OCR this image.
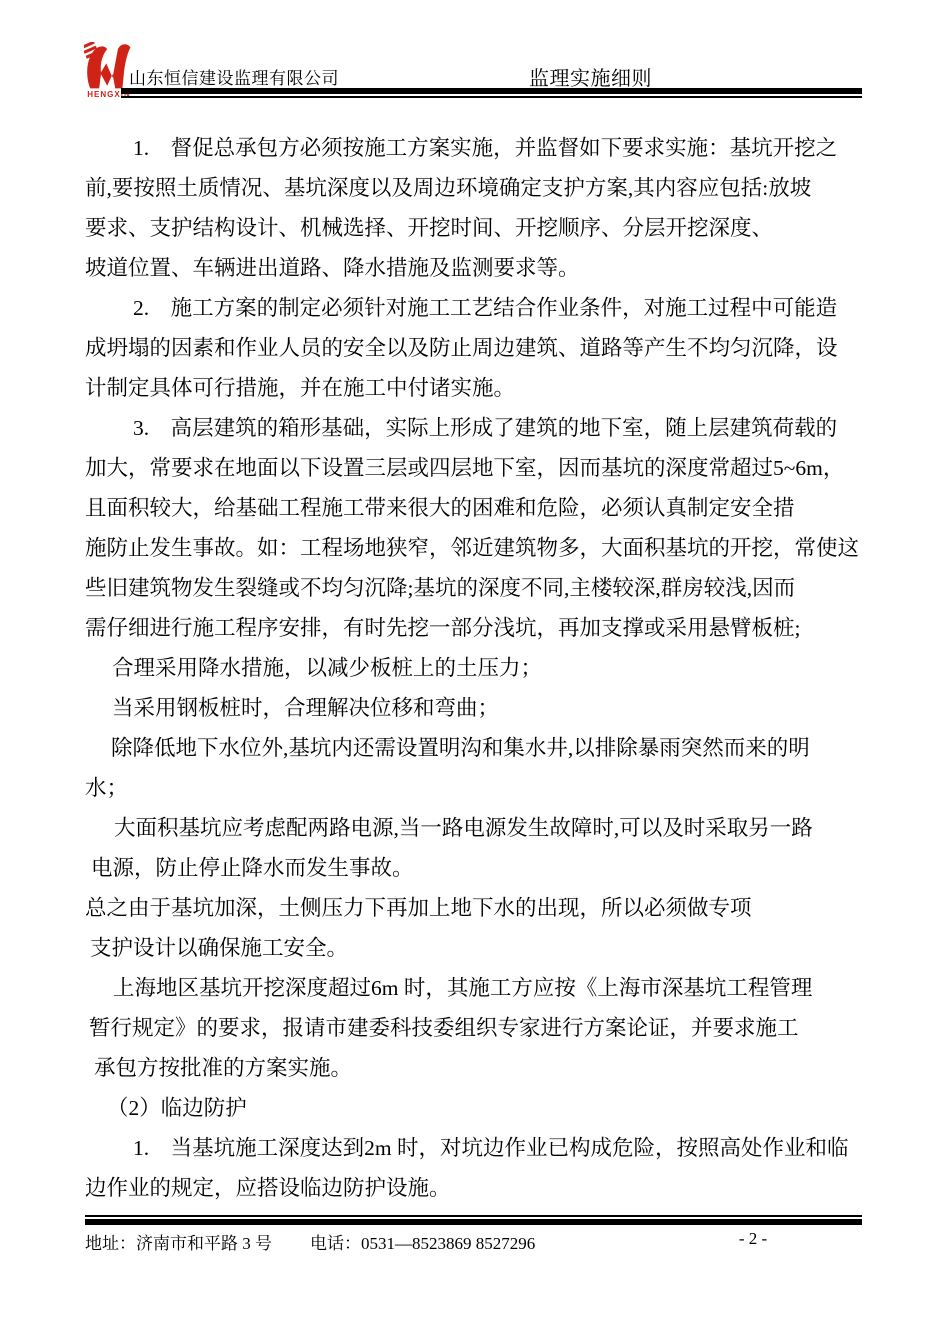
HENGXIN
山东恒信建设监理有限公司	监理实施细则
1.　督促总承包方必须按施工方案实施，并监督如下要求实施：基坑开挖之
前,要按照土质情况、基坑深度以及周边环境确定支护方案,其内容应包括:放坡
要求、支护结构设计、机械选择、开挖时间、开挖顺序、分层开挖深度、
坡道位置、车辆进出道路、降水措施及监测要求等。
2.　施工方案的制定必须针对施工工艺结合作业条件，对施工过程中可能造
成坍塌的因素和作业人员的安全以及防止周边建筑、道路等产生不均匀沉降，设
计制定具体可行措施，并在施工中付诸实施。
3.　高层建筑的箱形基础，实际上形成了建筑的地下室，随上层建筑荷载的
加大，常要求在地面以下设置三层或四层地下室，因而基坑的深度常超过5~6m，
且面积较大，给基础工程施工带来很大的困难和危险，必须认真制定安全措
施防止发生事故。如：工程场地狭窄，邻近建筑物多，大面积基坑的开挖，常使这
些旧建筑物发生裂缝或不均匀沉降;基坑的深度不同,主楼较深,群房较浅,因而
需仔细进行施工程序安排，有时先挖一部分浅坑，再加支撑或采用悬臂板桩;
合理采用降水措施，以减少板桩上的土压力；
当采用钢板桩时，合理解决位移和弯曲；
除降低地下水位外,基坑内还需设置明沟和集水井,以排除暴雨突然而来的明
水；
大面积基坑应考虑配两路电源,当一路电源发生故障时,可以及时采取另一路
电源，防止停止降水而发生事故。
总之由于基坑加深，土侧压力下再加上地下水的出现，所以必须做专项
支护设计以确保施工安全。
上海地区基坑开挖深度超过6m 时，其施工方应按《上海市深基坑工程管理
暂行规定》的要求，报请市建委科技委组织专家进行方案论证，并要求施工
承包方按批准的方案实施。
（2）临边防护
1.　当基坑施工深度达到2m 时，对坑边作业已构成危险，按照高处作业和临
边作业的规定，应搭设临边防护设施。
地址：济南市和平路 3 号 电话：0531—8523869 8527296	- 2 -
